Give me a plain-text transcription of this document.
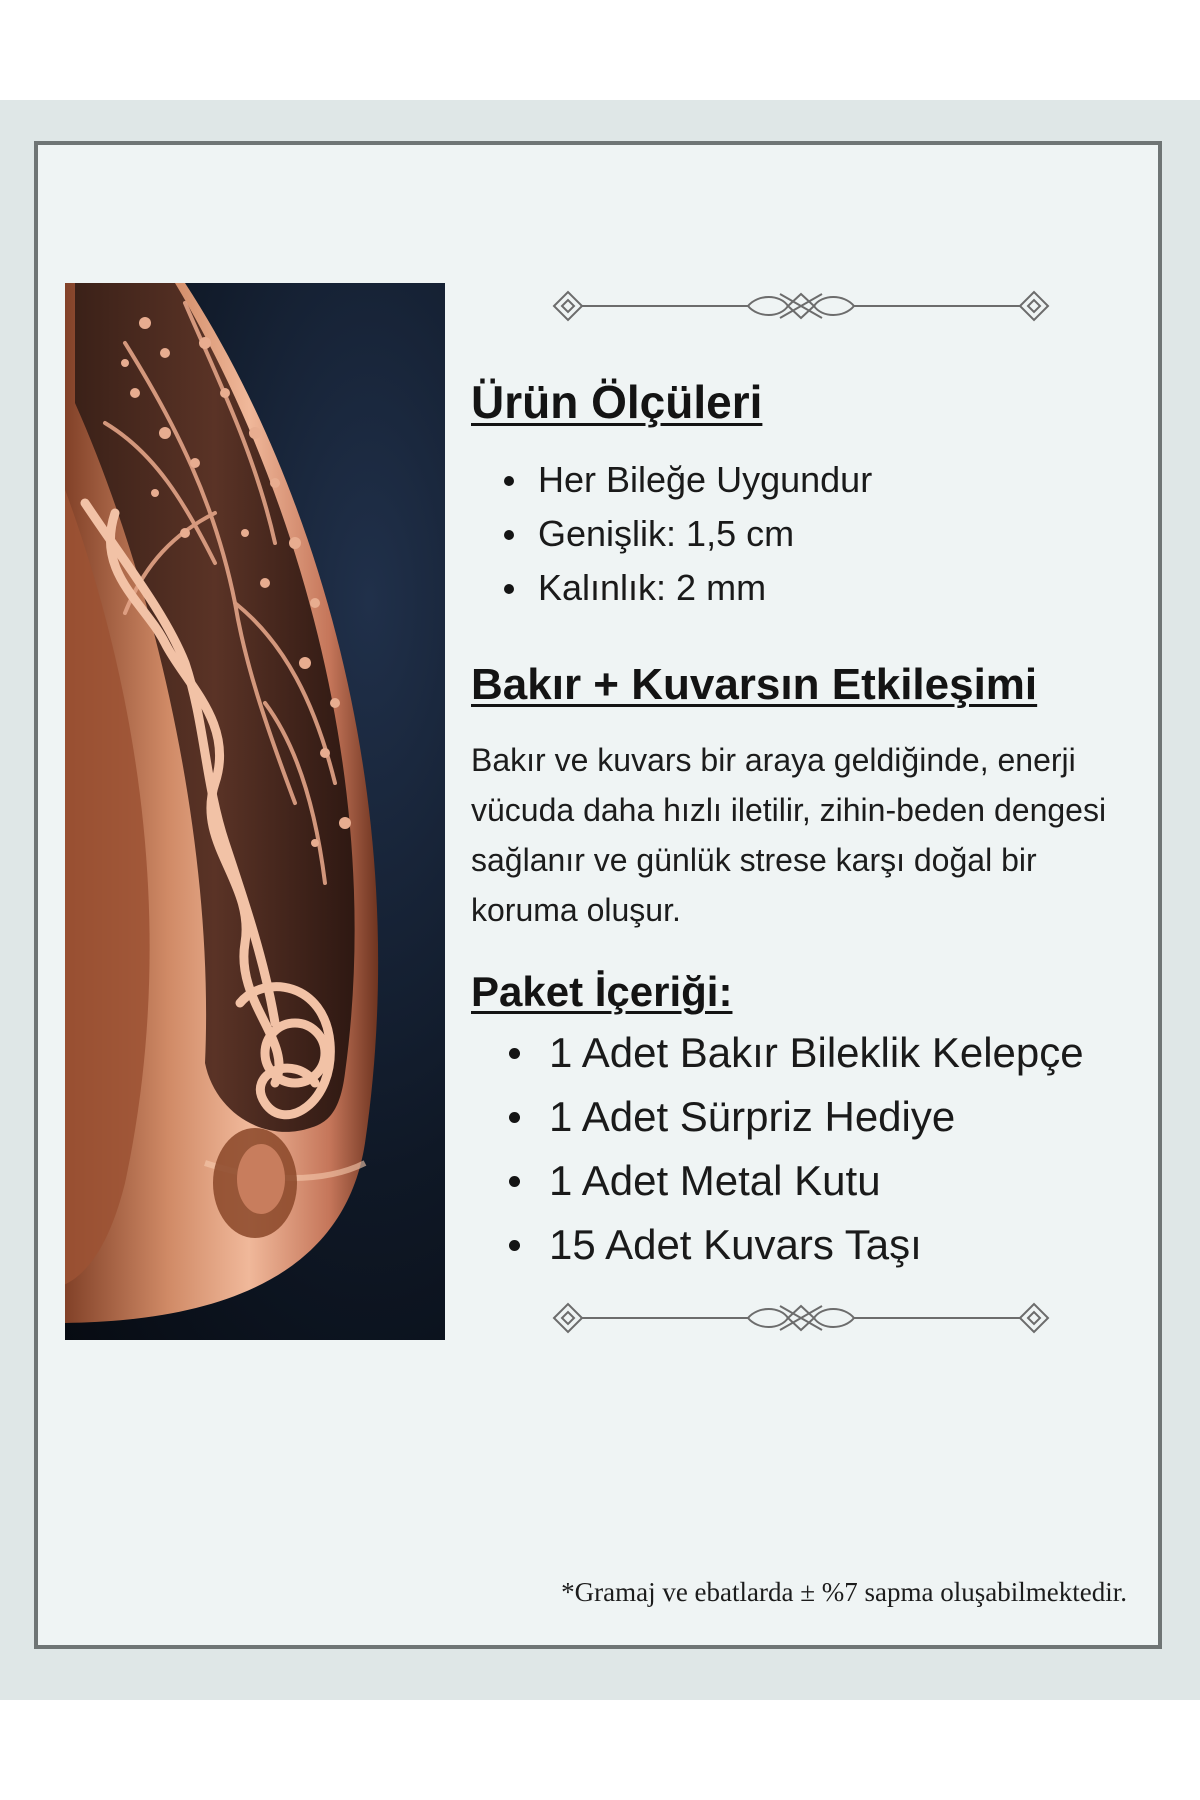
Ürün Ölçüleri
Her Bileğe Uygundur
Genişlik: 1,5 cm
Kalınlık: 2 mm
Bakır + Kuvarsın Etkileşimi

Bakır ve kuvars bir araya geldiğinde, enerji vücuda daha hızlı iletilir, zihin-beden dengesi sağlanır ve günlük strese karşı doğal bir koruma oluşur.

Paket İçeriği:
1 Adet Bakır Bileklik Kelepçe
1 Adet Sürpriz Hediye
1 Adet Metal Kutu
15 Adet Kuvars Taşı

*Gramaj ve ebatlarda ± %7 sapma oluşabilmektedir.
